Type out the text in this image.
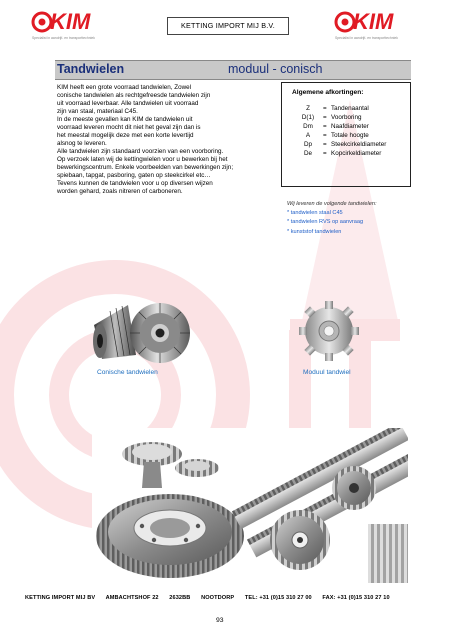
KIM
Specialist in aandrijf- en transporttechniek
KETTING IMPORT MIJ B.V.	KIM
Specialist in aandrijf- en transporttechniek
Tandwielen	moduul - conisch

KIM heeft een grote voorraad tandwielen, Zowel

conische tandwielen als rechtgefreesde tandwielen zijn

uit voorraad leverbaar. Alle tandwielen uit voorraad

zijn van staal, materiaal C45.

In de meeste gevallen kan KIM de tandwielen uit

voorraad leveren mocht dit niet het geval zijn dan is

het meestal mogelijk deze met een korte levertijd

alsnog te leveren.

Alle tandwielen zijn standaard voorzien van een voorboring.

Op verzoek laten wij de kettingwielen voor u bewerken bij het

bewerkingscentrum. Enkele voorbeelden van bewerkingen zijn;

spiebaan, tapgat, pasboring, gaten op steekcirkel etc…

Tevens kunnen de tandwielen voor u op diversen wijzen

worden gehard, zoals nitreren of carboneren.

Algemene afkortingen:
Z	= Tandenaantal
D(1)	= Voorboring
Dm	= Naafdiameter
A	= Totale hoogte
Dp	= Steekcirkeldiameter
De	= Kopcirkeldiameter
Wij leveren de volgende tandwielen:
* tandwielen staal C45
* tandwielen RVS op aanvraag
* kunststof tandwielen
Conische tandwielen	Moduul tandwiel
KETTING IMPORT MIJ BV AMBACHTSHOF 22 2632BB NOOTDORP TEL: +31 (0)15 310 27 00 FAX: +31 (0)15 310 27 10
93
